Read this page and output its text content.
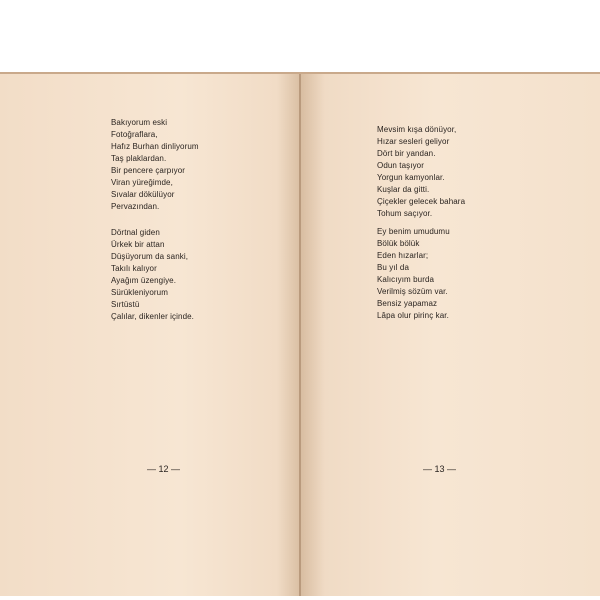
Bakıyorum eski
Fotoğraflara,
Hafız Burhan dinliyorum
Taş plaklardan.
Bir pencere çarpıyor
Viran yüreğimde,
Sıvalar dökülüyor
Pervazından.
Dörtnal giden
Ürkek bir attan
Düşüyorum da sanki,
Takılı kalıyor
Ayağım üzengiye.
Sürükleniyorum
Sırtüstü
Çalılar, dikenler içinde.
— 12 —
Mevsim kışa dönüyor,
Hızar sesleri geliyor
Dört bir yandan.
Odun taşıyor
Yorgun kamyonlar.
Kuşlar da gitti.
Çiçekler gelecek bahara
Tohum saçıyor.
Ey benim umudumu
Bölük bölük
Eden hızarlar;
Bu yıl da
Kalıcıyım burda
Verilmiş sözüm var.
Bensiz yapamaz
Lâpa olur pirinç kar.
— 13 —
